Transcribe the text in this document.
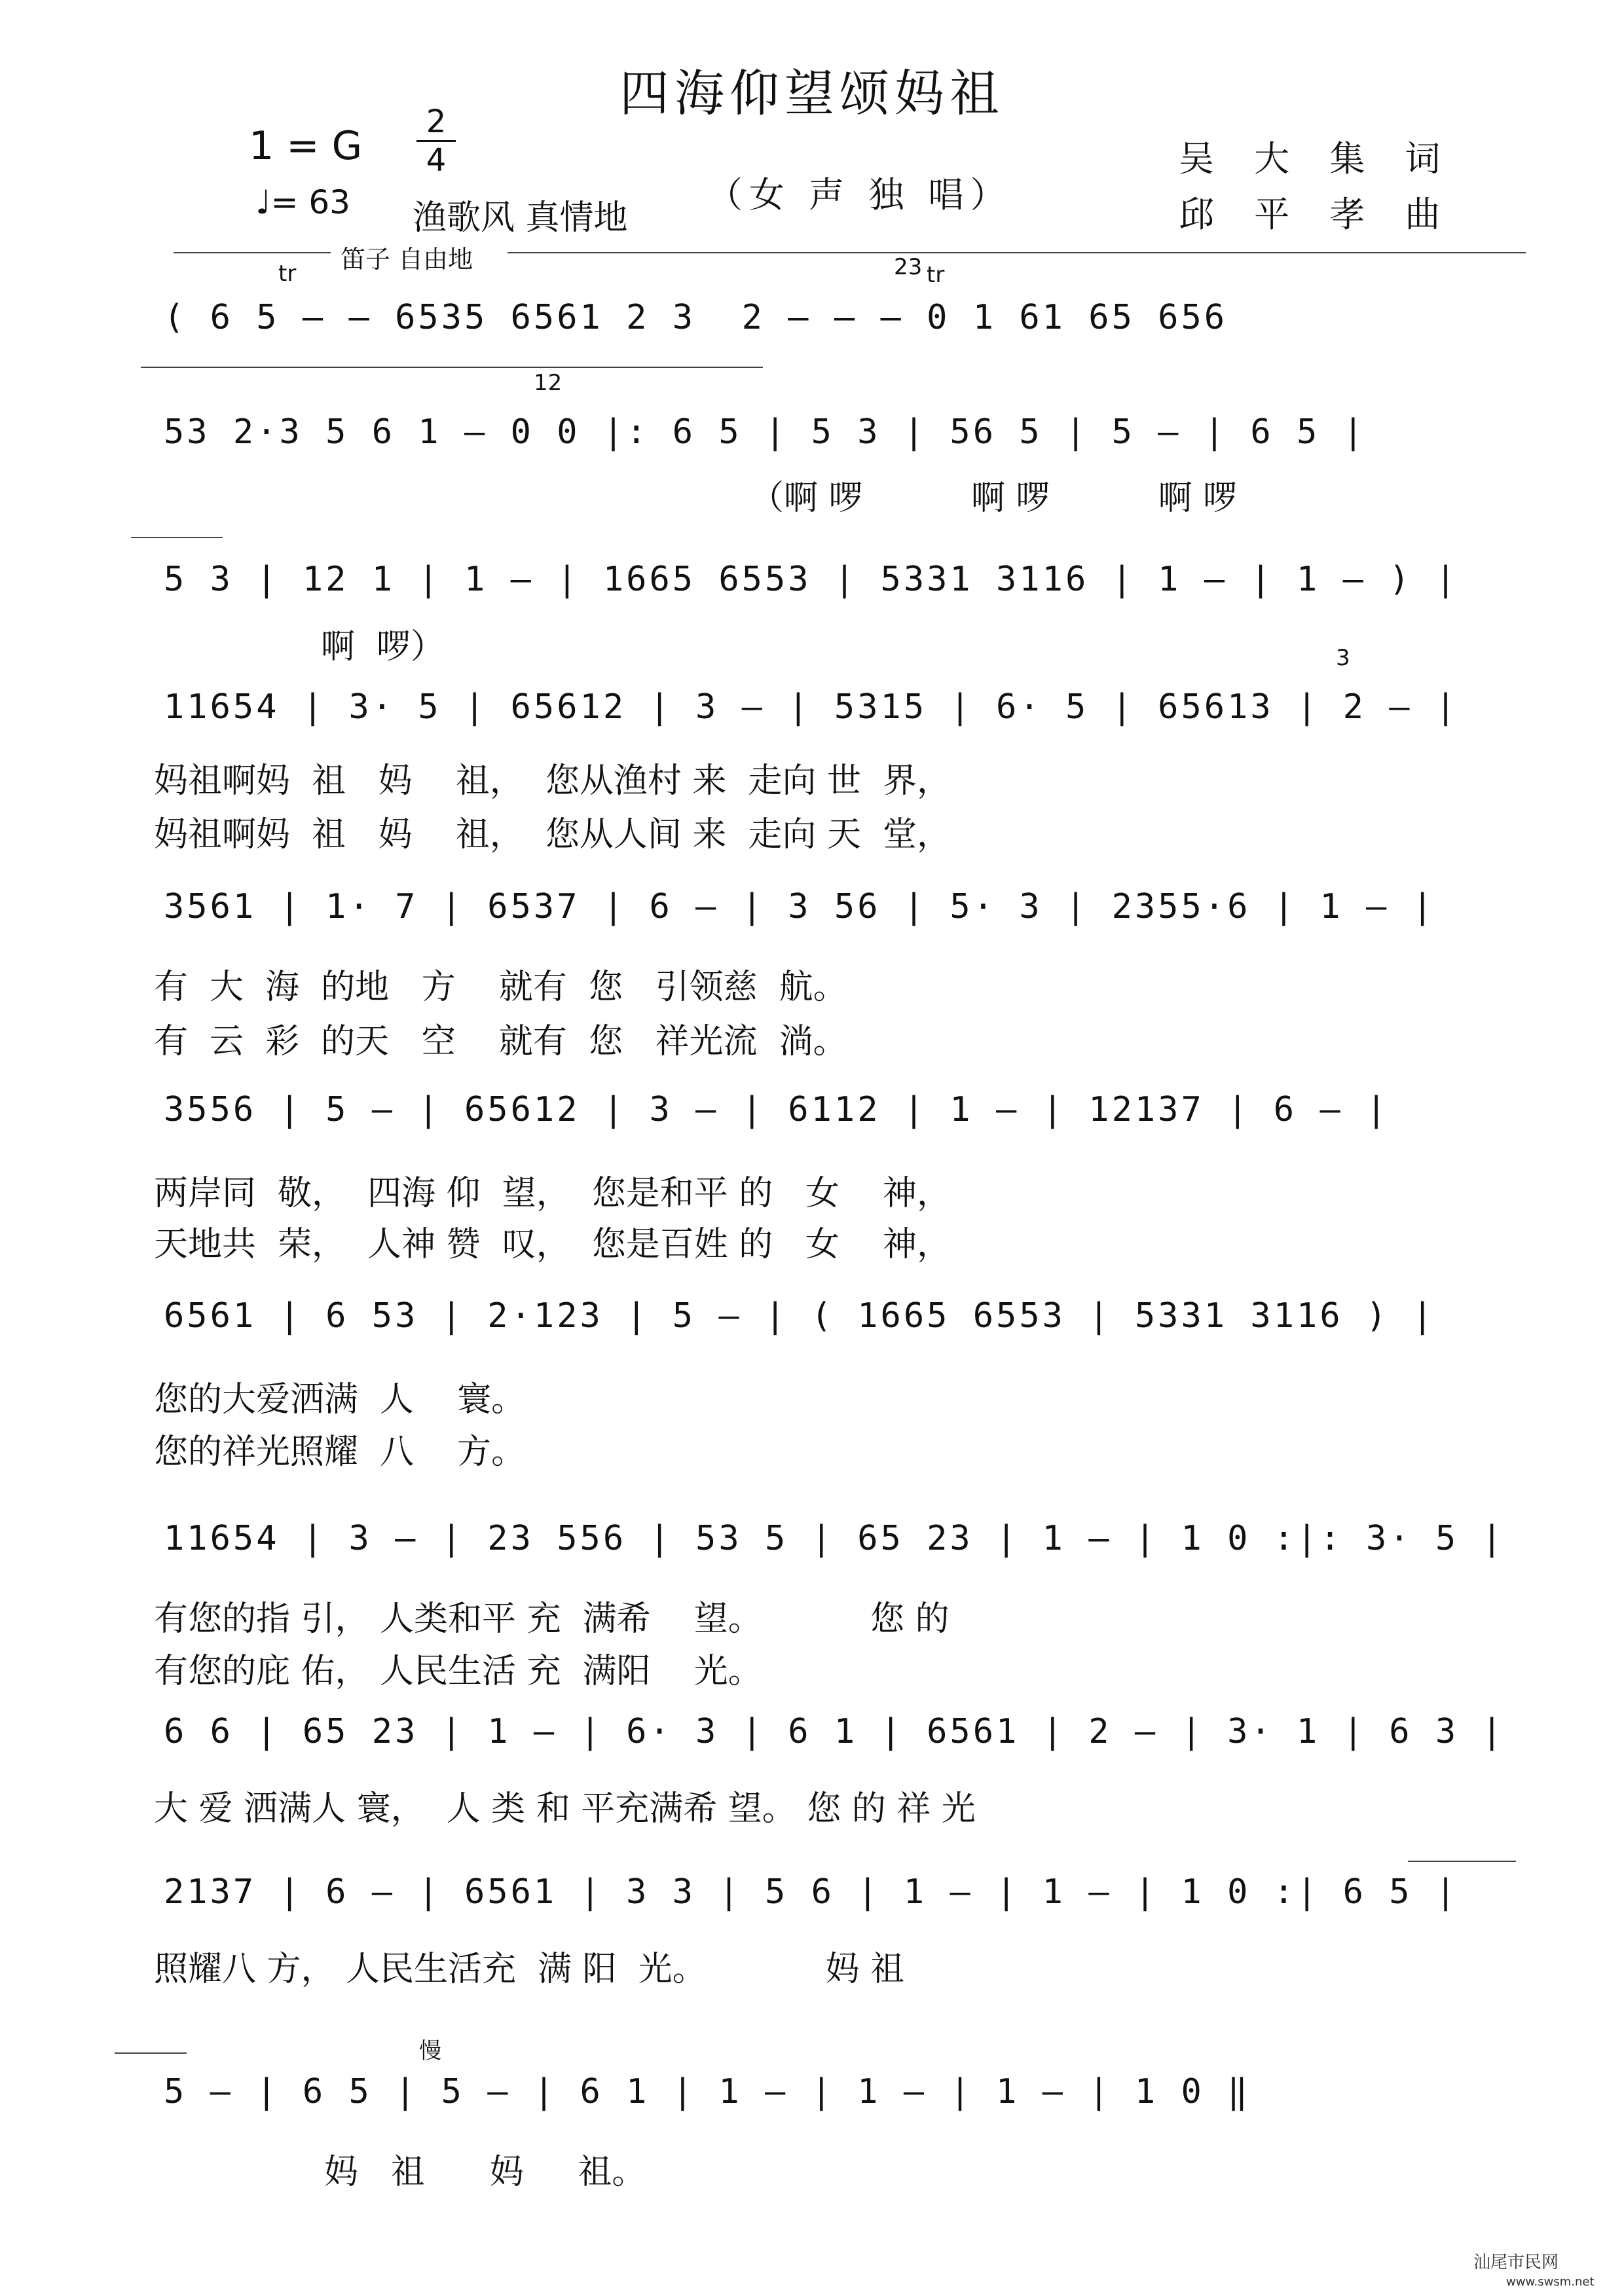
四海仰望颂妈祖
1 = G
2
4
♩= 63 渔歌风 真情地
（女 声 独 唱）
吴 大 集 词
邱 平 孝 曲
笛子 自由地
tr	23 tr
( 6 5 — — 6535 6561 2 3  2 — — — 0 1 61 65 656
12
53 2·3 5 6 1 — 0 0 |: 6 5 | 5 3 | 56 5 | 5 — | 6 5 |
（啊 啰          啊 啰          啊 啰
5 3 | 12 1 | 1 — | 1665 6553 | 5331 3116 | 1 — | 1 — ) |
啊  啰）	3
11654 | 3· 5 | 65612 | 3 — | 5315 | 6· 5 | 65613 | 2 — |
妈祖啊妈  祖   妈    祖，  您从渔村 来  走向 世  界，
妈祖啊妈  祖   妈    祖，  您从人间 来  走向 天  堂，
3561 | 1· 7 | 6537 | 6 — | 3 56 | 5· 3 | 2355·6 | 1 — |
有  大  海  的地   方    就有  您   引领慈  航。
有  云  彩  的天   空    就有  您   祥光流  淌。
3556 | 5 — | 65612 | 3 — | 6112 | 1 — | 12137 | 6 — |
两岸同  敬，  四海 仰  望，  您是和平 的   女    神，
天地共  荣，  人神 赞  叹，  您是百姓 的   女    神，
6561 | 6 53 | 2·123 | 5 — | ( 1665 6553 | 5331 3116 ) |
您的大爱洒满  人    寰。
您的祥光照耀  八    方。
11654 | 3 — | 23 556 | 53 5 | 65 23 | 1 — | 1 0 :|: 3· 5 |
有您的指 引， 人类和平 充  满希    望。          您 的
有您的庇 佑， 人民生活 充  满阳    光。
6 6 | 65 23 | 1 — | 6· 3 | 6 1 | 6561 | 2 — | 3· 1 | 6 3 |
大 爱 洒满人 寰，  人 类 和 平充满希 望。 您 的 祥 光
2137 | 6 — | 6561 | 3 3 | 5 6 | 1 — | 1 — | 1 0 :| 6 5 |
照耀八 方， 人民生活充  满 阳  光。           妈 祖
慢
5 — | 6 5 | 5 — | 6 1 | 1 — | 1 — | 1 — | 1 0 ‖
妈   祖      妈     祖。
汕尾市民网
www.swsm.net
